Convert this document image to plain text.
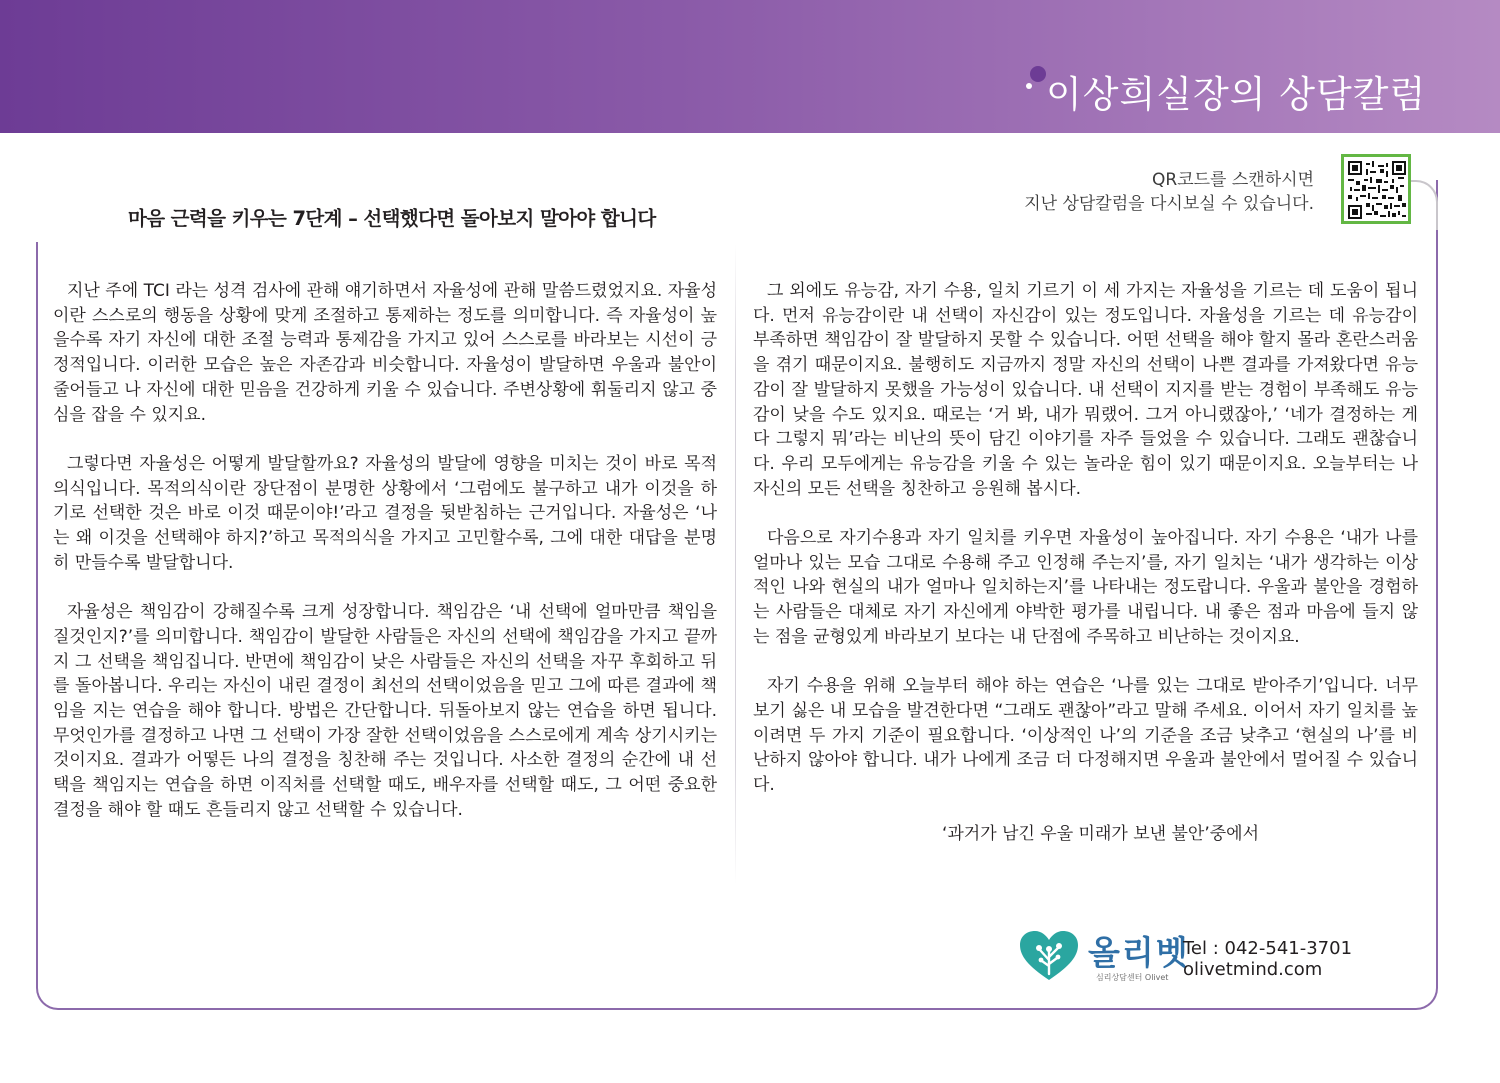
이상희실장의 상담칼럼
마음 근력을 키우는 7단계 – 선택했다면 돌아보지 말아야 합니다
QR코드를 스캔하시면
지난 상담칼럼을 다시보실 수 있습니다.

지난 주에 TCI 라는 성격 검사에 관해 얘기하면서 자율성에 관해 말씀드렸었지요. 자율성이란 스스로의 행동을 상황에 맞게 조절하고 통제하는 정도를 의미합니다. 즉 자율성이 높을수록 자기 자신에 대한 조절 능력과 통제감을 가지고 있어 스스로를 바라보는 시선이 긍정적입니다. 이러한 모습은 높은 자존감과 비슷합니다. 자율성이 발달하면 우울과 불안이 줄어들고 나 자신에 대한 믿음을 건강하게 키울 수 있습니다. 주변상황에 휘둘리지 않고 중심을 잡을 수 있지요.

그렇다면 자율성은 어떻게 발달할까요? 자율성의 발달에 영향을 미치는 것이 바로 목적의식입니다. 목적의식이란 장단점이 분명한 상황에서 ‘그럼에도 불구하고 내가 이것을 하기로 선택한 것은 바로 이것 때문이야!’라고 결정을 뒷받침하는 근거입니다. 자율성은 ‘나는 왜 이것을 선택해야 하지?’하고 목적의식을 가지고 고민할수록, 그에 대한 대답을 분명히 만들수록 발달합니다.

자율성은 책임감이 강해질수록 크게 성장합니다. 책임감은 ‘내 선택에 얼마만큼 책임을 질것인지?’를 의미합니다. 책임감이 발달한 사람들은 자신의 선택에 책임감을 가지고 끝까지 그 선택을 책임집니다. 반면에 책임감이 낮은 사람들은 자신의 선택을 자꾸 후회하고 뒤를 돌아봅니다. 우리는 자신이 내린 결정이 최선의 선택이었음을 믿고 그에 따른 결과에 책임을 지는 연습을 해야 합니다. 방법은 간단합니다. 뒤돌아보지 않는 연습을 하면 됩니다. 무엇인가를 결정하고 나면 그 선택이 가장 잘한 선택이었음을 스스로에게 계속 상기시키는 것이지요. 결과가 어떻든 나의 결정을 칭찬해 주는 것입니다. 사소한 결정의 순간에 내 선택을 책임지는 연습을 하면 이직처를 선택할 때도, 배우자를 선택할 때도, 그 어떤 중요한 결정을 해야 할 때도 흔들리지 않고 선택할 수 있습니다.

그 외에도 유능감, 자기 수용, 일치 기르기 이 세 가지는 자율성을 기르는 데 도움이 됩니다. 먼저 유능감이란 내 선택이 자신감이 있는 정도입니다. 자율성을 기르는 데 유능감이 부족하면 책임감이 잘 발달하지 못할 수 있습니다. 어떤 선택을 해야 할지 몰라 혼란스러움을 겪기 때문이지요. 불행히도 지금까지 정말 자신의 선택이 나쁜 결과를 가져왔다면 유능감이 잘 발달하지 못했을 가능성이 있습니다. 내 선택이 지지를 받는 경험이 부족해도 유능감이 낮을 수도 있지요. 때로는 ‘거 봐, 내가 뭐랬어. 그거 아니랬잖아,’ ‘네가 결정하는 게 다 그렇지 뭐’라는 비난의 뜻이 담긴 이야기를 자주 들었을 수 있습니다. 그래도 괜찮습니다. 우리 모두에게는 유능감을 키울 수 있는 놀라운 힘이 있기 때문이지요. 오늘부터는 나 자신의 모든 선택을 칭찬하고 응원해 봅시다.

다음으로 자기수용과 자기 일치를 키우면 자율성이 높아집니다. 자기 수용은 ‘내가 나를 얼마나 있는 모습 그대로 수용해 주고 인정해 주는지’를, 자기 일치는 ‘내가 생각하는 이상적인 나와 현실의 내가 얼마나 일치하는지’를 나타내는 정도랍니다. 우울과 불안을 경험하는 사람들은 대체로 자기 자신에게 야박한 평가를 내립니다. 내 좋은 점과 마음에 들지 않는 점을 균형있게 바라보기 보다는 내 단점에 주목하고 비난하는 것이지요.

자기 수용을 위해 오늘부터 해야 하는 연습은 ‘나를 있는 그대로 받아주기’입니다. 너무 보기 싫은 내 모습을 발견한다면 “그래도 괜찮아”라고 말해 주세요. 이어서 자기 일치를 높이려면 두 가지 기준이 필요합니다. ‘이상적인 나’의 기준을 조금 낮추고 ‘현실의 나’를 비난하지 않아야 합니다. 내가 나에게 조금 더 다정해지면 우울과 불안에서 멀어질 수 있습니다.

‘과거가 남긴 우울 미래가 보낸 불안’중에서

올리벳
심리상담센터 Olivet
Tel : 042-541-3701
olivetmind.com
